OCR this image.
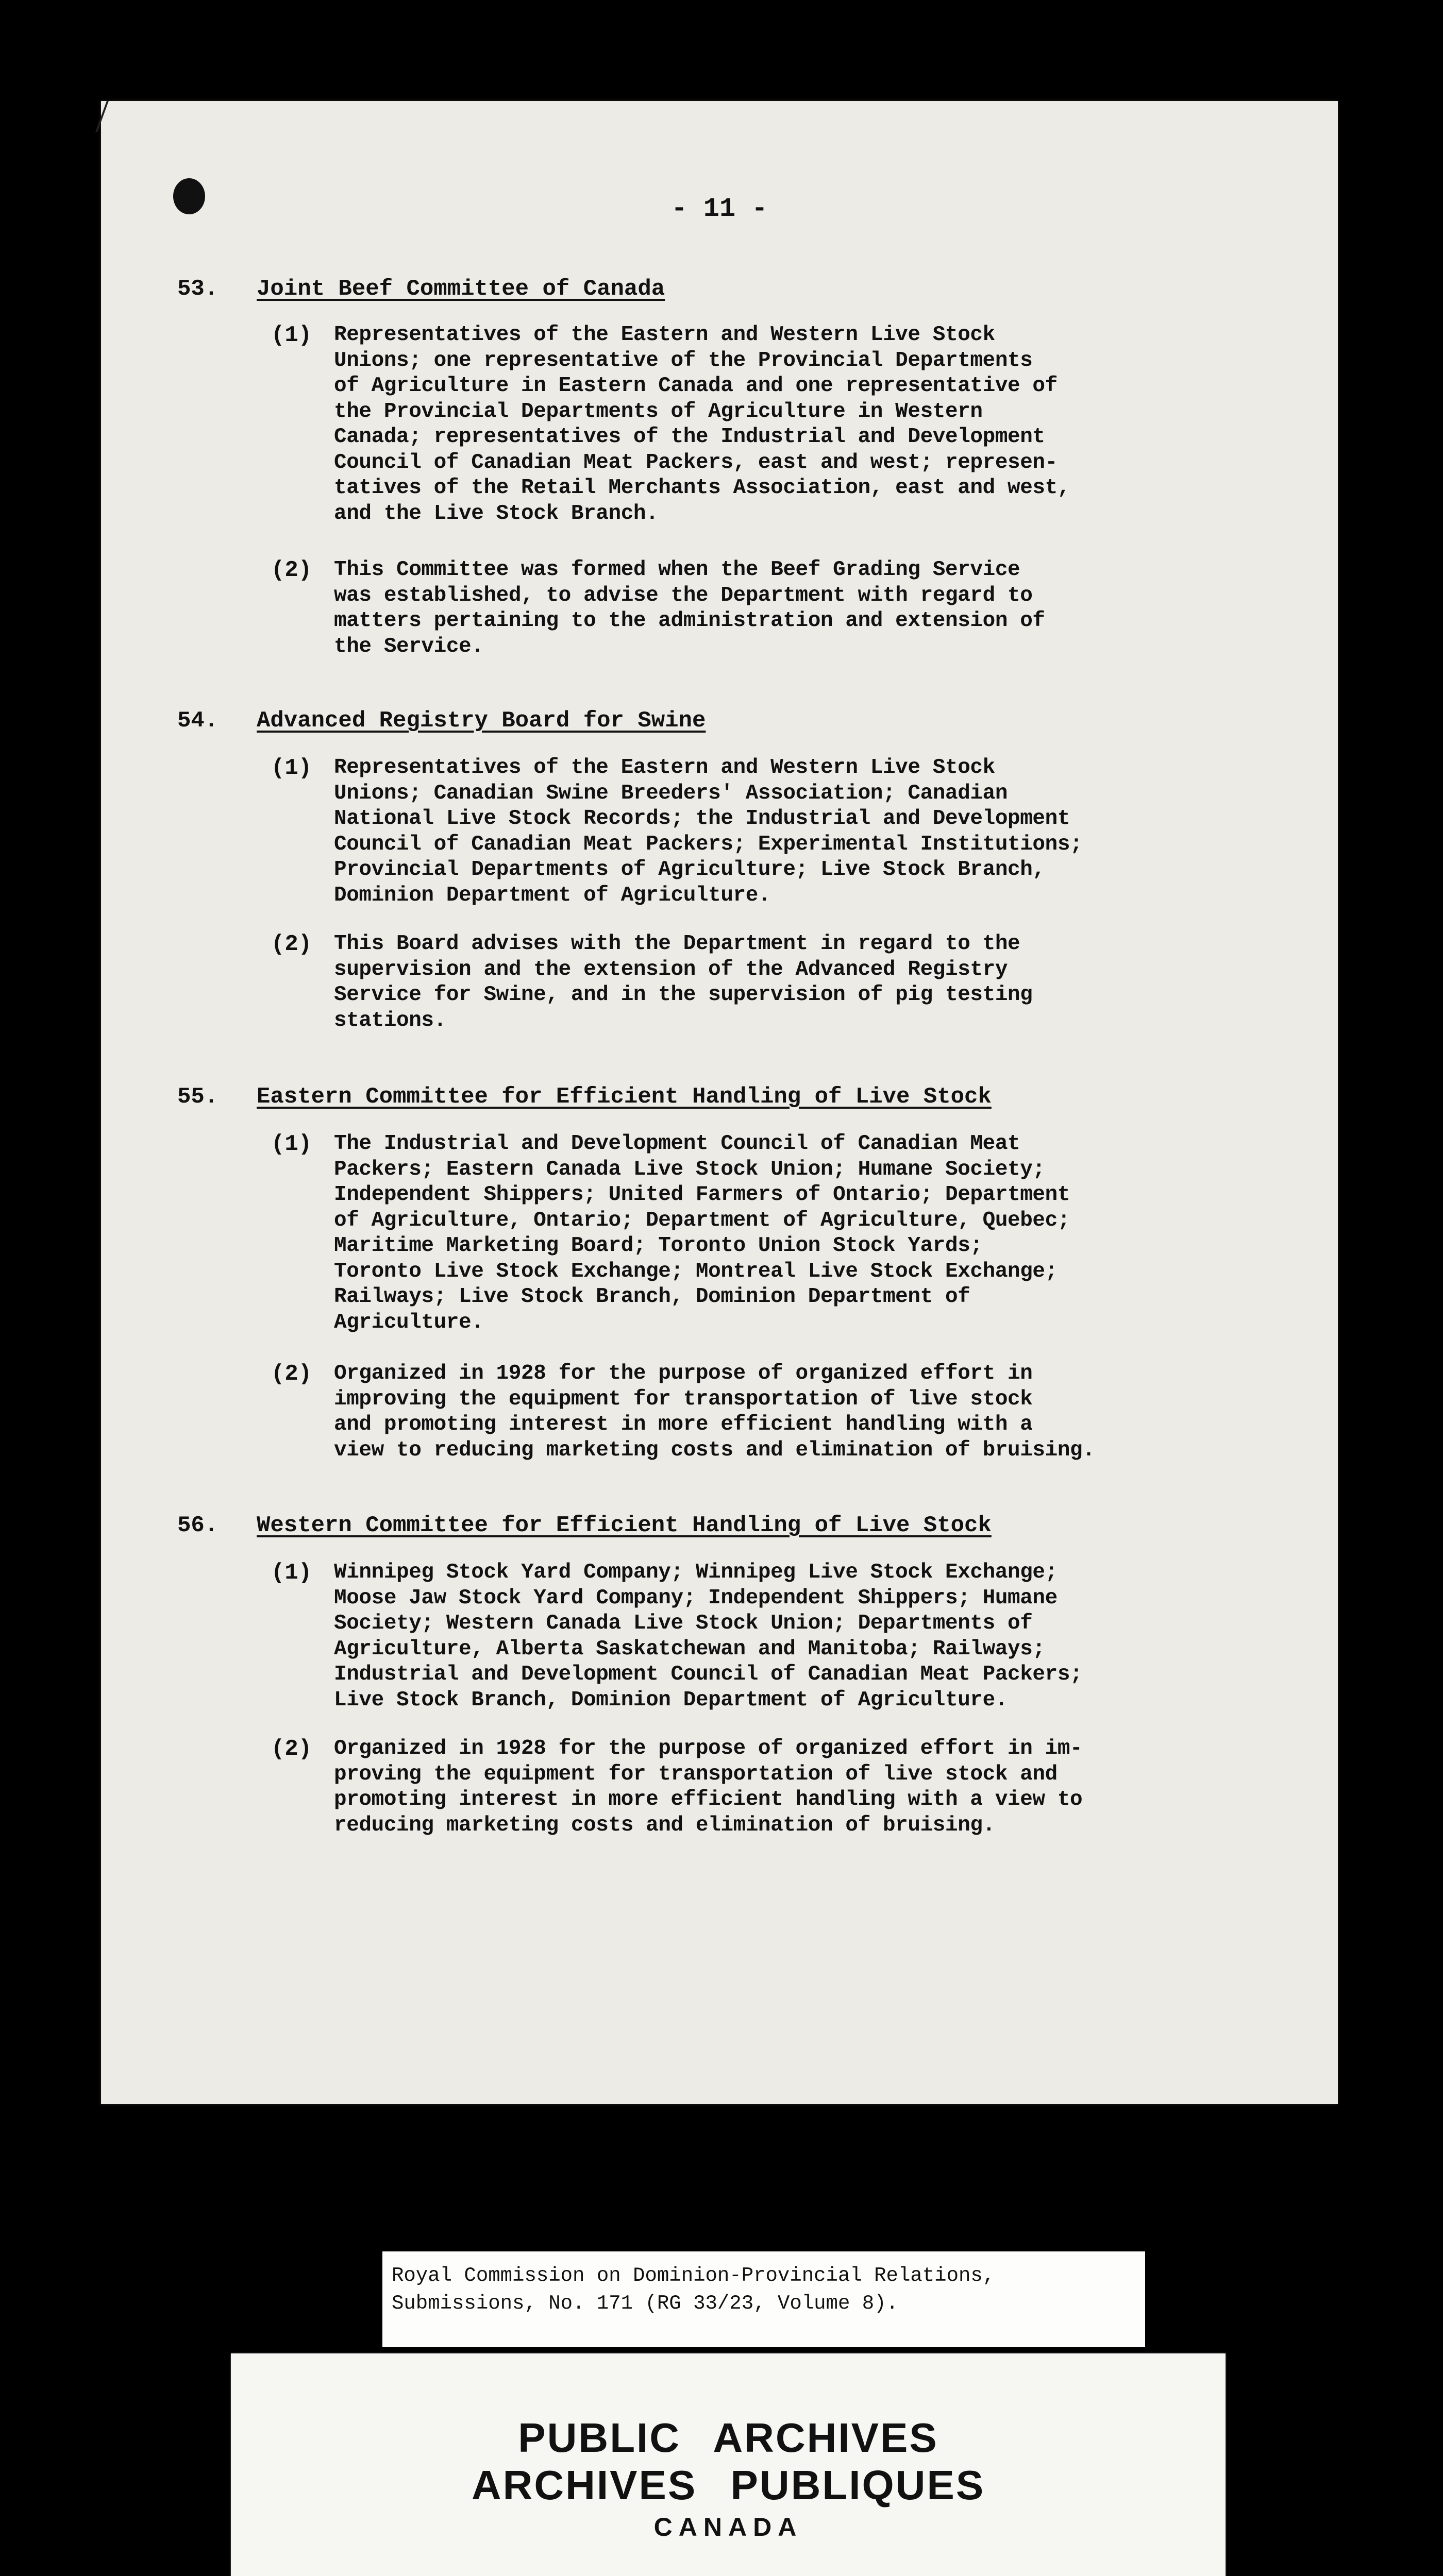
- 11 -
53. Joint Beef Committee of Canada
(1) Representatives of the Eastern and Western Live Stock
Unions; one representative of the Provincial Departments
of Agriculture in Eastern Canada and one representative of
the Provincial Departments of Agriculture in Western
Canada; representatives of the Industrial and Development
Council of Canadian Meat Packers, east and west; represen-
tatives of the Retail Merchants Association, east and west,
and the Live Stock Branch.
(2) This Committee was formed when the Beef Grading Service
was established, to advise the Department with regard to
matters pertaining to the administration and extension of
the Service.
54. Advanced Registry Board for Swine
(1) Representatives of the Eastern and Western Live Stock
Unions; Canadian Swine Breeders' Association; Canadian
National Live Stock Records; the Industrial and Development
Council of Canadian Meat Packers; Experimental Institutions;
Provincial Departments of Agriculture; Live Stock Branch,
Dominion Department of Agriculture.
(2) This Board advises with the Department in regard to the
supervision and the extension of the Advanced Registry
Service for Swine, and in the supervision of pig testing
stations.
55. Eastern Committee for Efficient Handling of Live Stock
(1) The Industrial and Development Council of Canadian Meat
Packers; Eastern Canada Live Stock Union; Humane Society;
Independent Shippers; United Farmers of Ontario; Department
of Agriculture, Ontario; Department of Agriculture, Quebec;
Maritime Marketing Board; Toronto Union Stock Yards;
Toronto Live Stock Exchange; Montreal Live Stock Exchange;
Railways; Live Stock Branch, Dominion Department of
Agriculture.
(2) Organized in 1928 for the purpose of organized effort in
improving the equipment for transportation of live stock
and promoting interest in more efficient handling with a
view to reducing marketing costs and elimination of bruising.
56. Western Committee for Efficient Handling of Live Stock
(1) Winnipeg Stock Yard Company; Winnipeg Live Stock Exchange;
Moose Jaw Stock Yard Company; Independent Shippers; Humane
Society; Western Canada Live Stock Union; Departments of
Agriculture, Alberta Saskatchewan and Manitoba; Railways;
Industrial and Development Council of Canadian Meat Packers;
Live Stock Branch, Dominion Department of Agriculture.
(2) Organized in 1928 for the purpose of organized effort in im-
proving the equipment for transportation of live stock and
promoting interest in more efficient handling with a view to
reducing marketing costs and elimination of bruising.
Royal Commission on Dominion-Provincial Relations,
Submissions, No. 171 (RG 33/23, Volume 8).
PUBLIC ARCHIVES
ARCHIVES PUBLIQUES
CANADA
